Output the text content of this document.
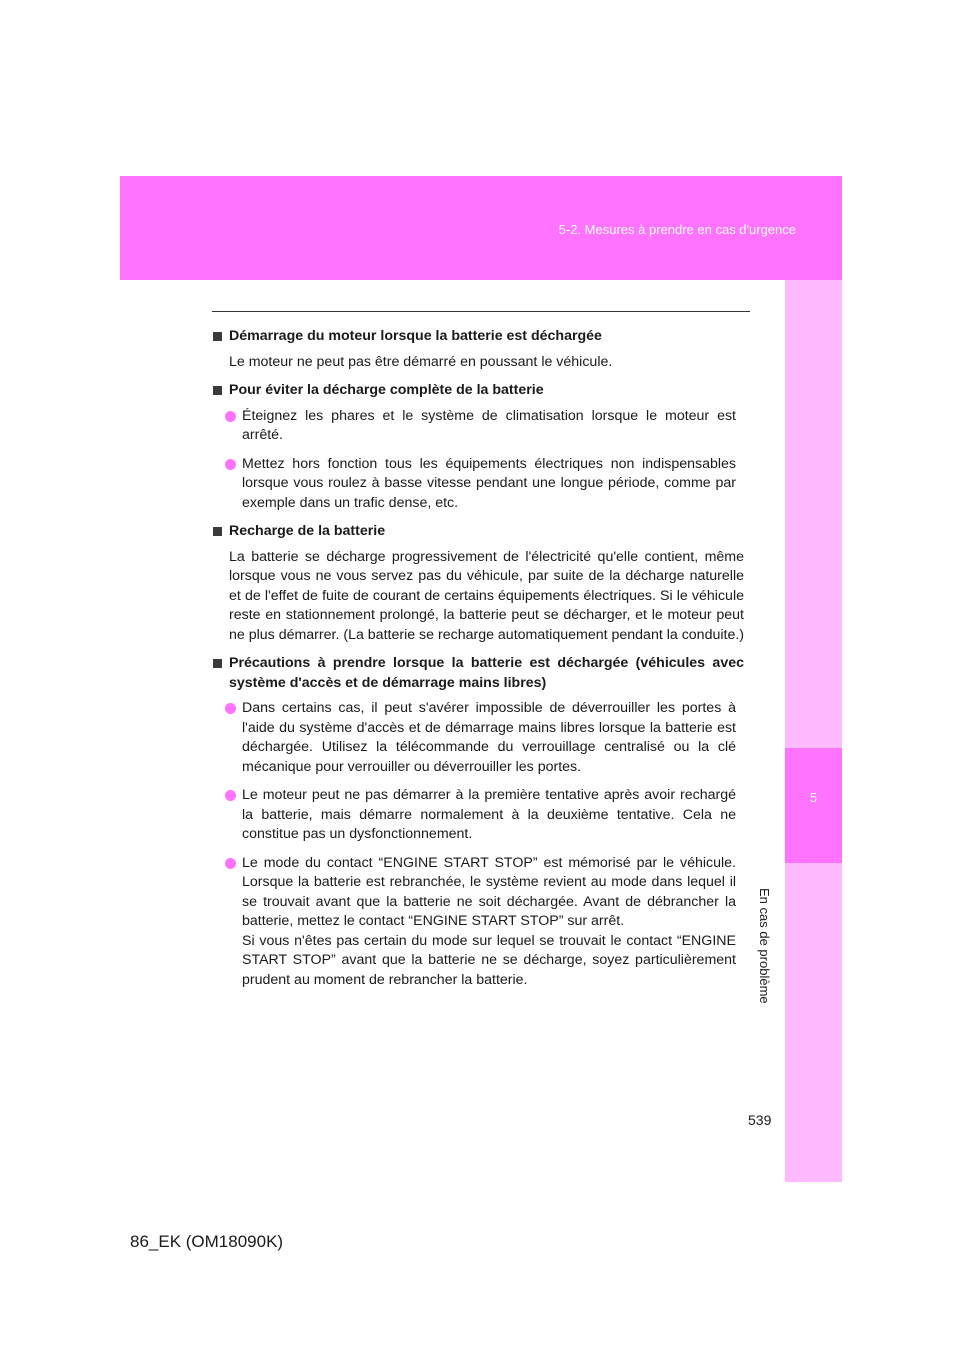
5-2. Mesures à prendre en cas d'urgence
5
En cas de problème
Démarrage du moteur lorsque la batterie est déchargée
Le moteur ne peut pas être démarré en poussant le véhicule.
Pour éviter la décharge complète de la batterie

Éteignez les phares et le système de climatisation lorsque le moteur est arrêté.

Mettez hors fonction tous les équipements électriques non indispensables lorsque vous roulez à basse vitesse pendant une longue période, comme par exemple dans un trafic dense, etc.

Recharge de la batterie
La batterie se décharge progressivement de l'électricité qu'elle contient, même lorsque vous ne vous servez pas du véhicule, par suite de la décharge naturelle et de l'effet de fuite de courant de certains équipements électriques. Si le véhicule reste en stationnement prolongé, la batterie peut se décharger, et le moteur peut ne plus démarrer. (La batterie se recharge automatiquement pendant la conduite.)
Précautions à prendre lorsque la batterie est déchargée (véhicules avec système d'accès et de démarrage mains libres)

Dans certains cas, il peut s'avérer impossible de déverrouiller les portes à l'aide du système d'accès et de démarrage mains libres lorsque la batterie est déchargée. Utilisez la télécommande du verrouillage centralisé ou la clé mécanique pour verrouiller ou déverrouiller les portes.

Le moteur peut ne pas démarrer à la première tentative après avoir rechargé la batterie, mais démarre normalement à la deuxième tentative. Cela ne constitue pas un dysfonctionnement.

Le mode du contact “ENGINE START STOP” est mémorisé par le véhicule. Lorsque la batterie est rebranchée, le système revient au mode dans lequel il se trouvait avant que la batterie ne soit déchargée. Avant de débrancher la batterie, mettez le contact “ENGINE START STOP” sur arrêt.

Si vous n'êtes pas certain du mode sur lequel se trouvait le contact “ENGINE START STOP” avant que la batterie ne se décharge, soyez particulièrement prudent au moment de rebrancher la batterie.

539
86_EK (OM18090K)
